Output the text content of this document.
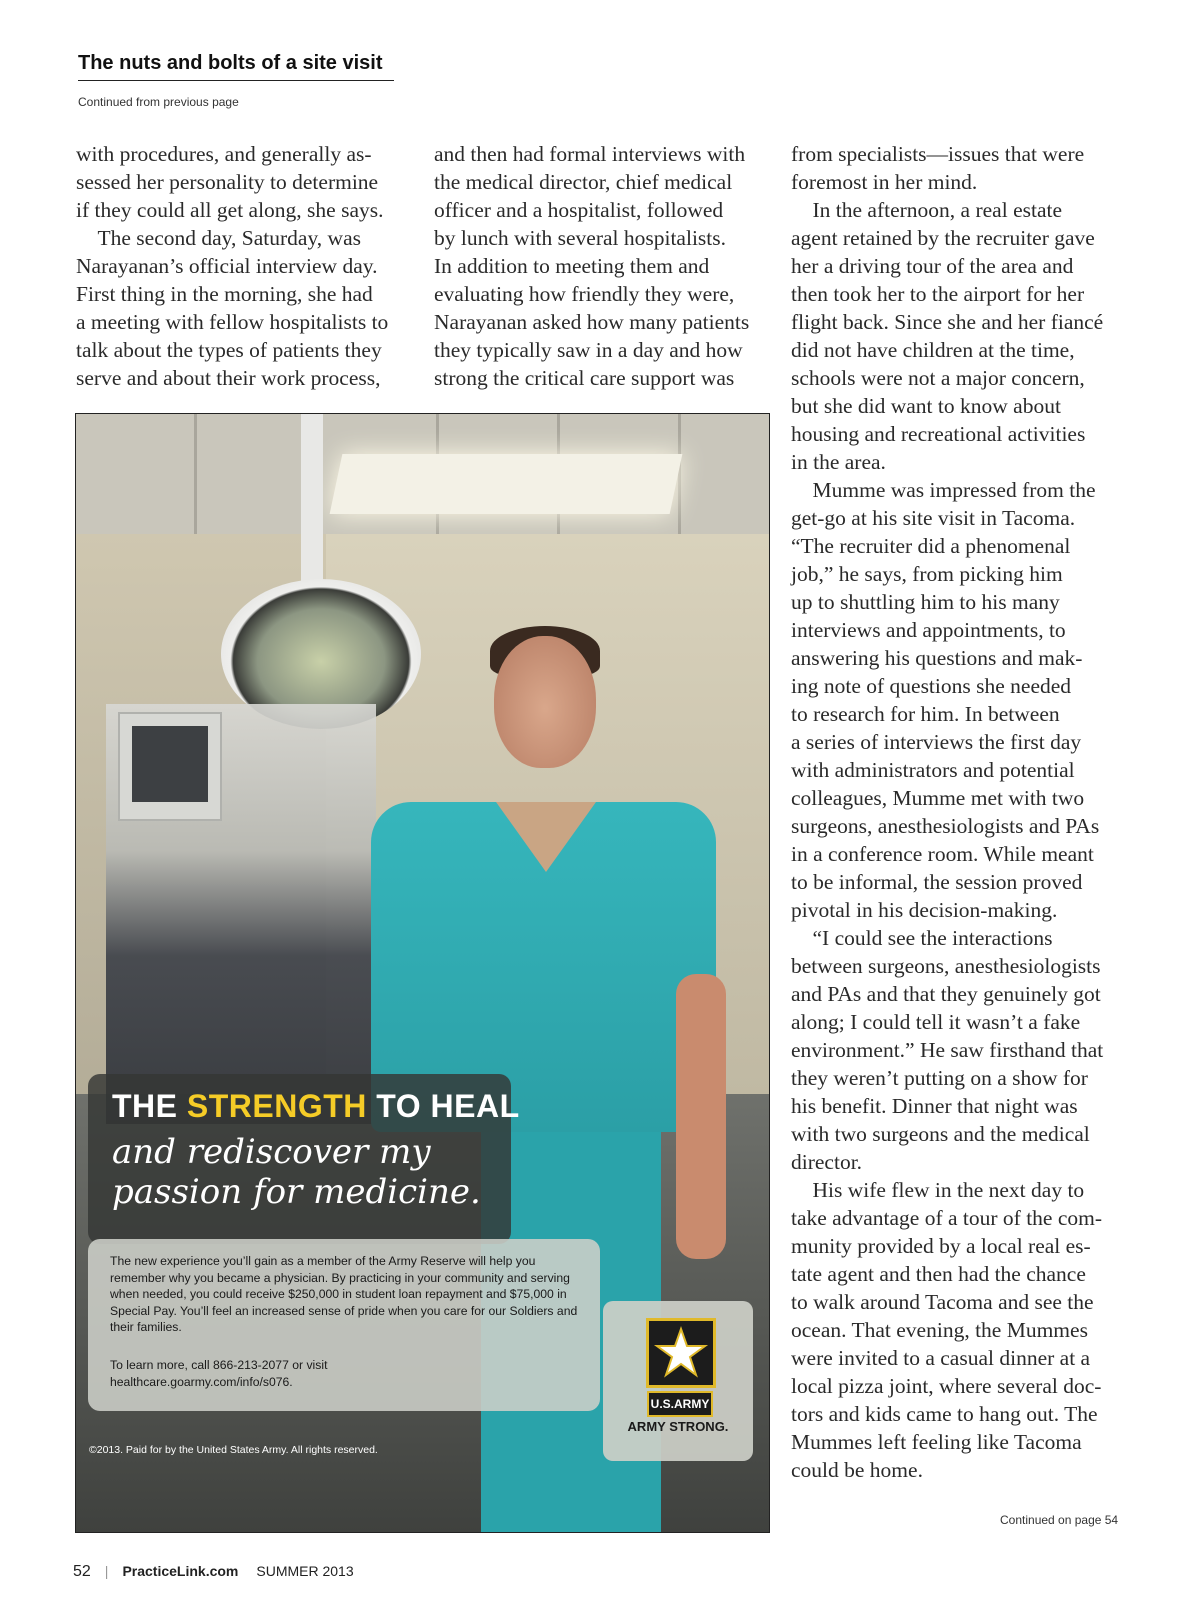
The nuts and bolts of a site visit
Continued from previous page
with procedures, and generally as-
sessed her personality to determine
if they could all get along, she says.
The second day, Saturday, was
Narayanan’s official interview day.
First thing in the morning, she had
a meeting with fellow hospitalists to
talk about the types of patients they
serve and about their work process,
and then had formal interviews with
the medical director, chief medical
officer and a hospitalist, followed
by lunch with several hospitalists.
In addition to meeting them and
evaluating how friendly they were,
Narayanan asked how many patients
they typically saw in a day and how
strong the critical care support was
from specialists—issues that were
foremost in her mind.
In the afternoon, a real estate
agent retained by the recruiter gave
her a driving tour of the area and
then took her to the airport for her
flight back. Since she and her fiancé
did not have children at the time,
schools were not a major concern,
but she did want to know about
housing and recreational activities
in the area.
Mumme was impressed from the
get-go at his site visit in Tacoma.
“The recruiter did a phenomenal
job,” he says, from picking him
up to shuttling him to his many
interviews and appointments, to
answering his questions and mak-
ing note of questions she needed
to research for him. In between
a series of interviews the first day
with administrators and potential
colleagues, Mumme met with two
surgeons, anesthesiologists and PAs
in a conference room. While meant
to be informal, the session proved
pivotal in his decision-making.
“I could see the interactions
between surgeons, anesthesiologists
and PAs and that they genuinely got
along; I could tell it wasn’t a fake
environment.” He saw firsthand that
they weren’t putting on a show for
his benefit. Dinner that night was
with two surgeons and the medical
director.
His wife flew in the next day to
take advantage of a tour of the com-
munity provided by a local real es-
tate agent and then had the chance
to walk around Tacoma and see the
ocean. That evening, the Mummes
were invited to a casual dinner at a
local pizza joint, where several doc-
tors and kids came to hang out. The
Mummes left feeling like Tacoma
could be home.
Continued on page 54
THE STRENGTH TO HEAL
and rediscover my passion for medicine.
The new experience you’ll gain as a member of the Army Reserve will help you remember why you became a physician. By practicing in your community and serving when needed, you could receive $250,000 in student loan repayment and $75,000 in Special Pay. You’ll feel an increased sense of pride when you care for our Soldiers and their families.
To learn more, call 866-213-2077 or visit healthcare.goarmy.com/info/s076.
U.S.ARMY
ARMY STRONG.
©2013. Paid for by the United States Army. All rights reserved.
52 | PracticeLink.com SUMMER 2013
